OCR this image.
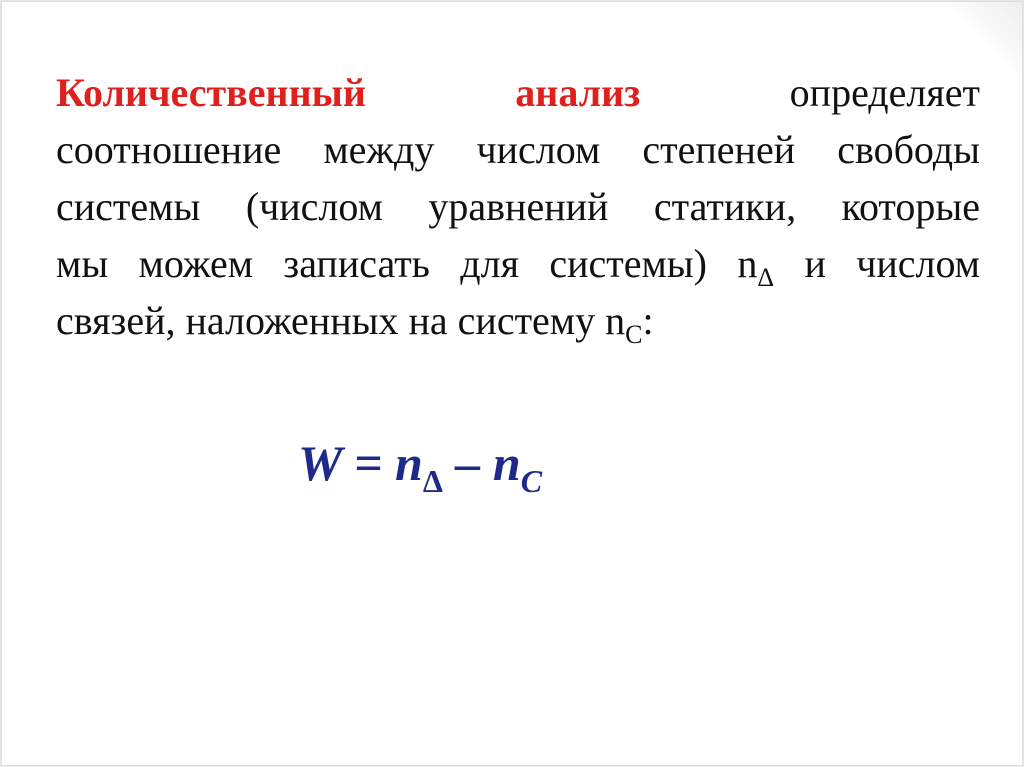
Количественный	анализ	определяет
соотношение между числом степеней свободы
системы (числом уравнений статики, которые
мы можем записать для системы) $n_\Delta$ и числом
связей, наложенных на систему $n_С$:
$W = n_\Delta - n_C$
